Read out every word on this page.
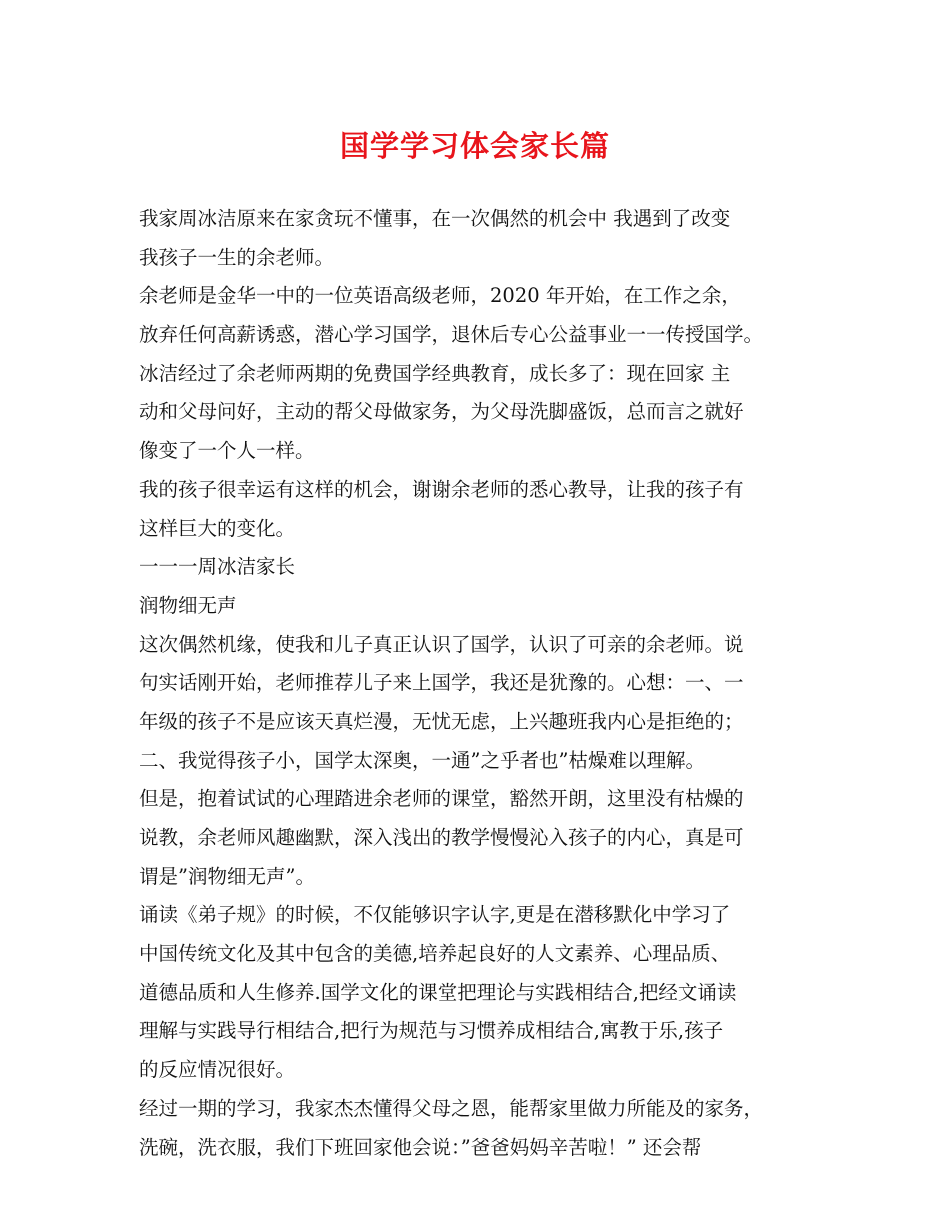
国学学习体会家长篇
我家周冰洁原来在家贪玩不懂事，在一次偶然的机会中 我遇到了改变
我孩子一生的余老师。
余老师是金华一中的一位英语高级老师，2020 年开始，在工作之余，
放弃任何高薪诱惑，潜心学习国学，退休后专心公益事业一一传授国学。
冰洁经过了余老师两期的免费国学经典教育，成长多了：现在回家 主
动和父母问好，主动的帮父母做家务，为父母洗脚盛饭，总而言之就好
像变了一个人一样。
我的孩子很幸运有这样的机会，谢谢余老师的悉心教导，让我的孩子有
这样巨大的变化。
一一一周冰洁家长
润物细无声
这次偶然机缘，使我和儿子真正认识了国学，认识了可亲的余老师。说
句实话刚开始，老师推荐儿子来上国学，我还是犹豫的。心想：一、一
年级的孩子不是应该天真烂漫，无忧无虑，上兴趣班我内心是拒绝的；
二、我觉得孩子小，国学太深奥，一通”之乎者也”枯燥难以理解。
但是，抱着试试的心理踏进余老师的课堂，豁然开朗，这里没有枯燥的
说教，余老师风趣幽默，深入浅出的教学慢慢沁入孩子的内心，真是可
谓是”润物细无声”。
诵读《弟子规》的时候，不仅能够识字认字,更是在潜移默化中学习了
中国传统文化及其中包含的美德,培养起良好的人文素养、心理品质、
道德品质和人生修养.国学文化的课堂把理论与实践相结合,把经文诵读
理解与实践导行相结合,把行为规范与习惯养成相结合,寓教于乐,孩子
的反应情况很好。
经过一期的学习，我家杰杰懂得父母之恩，能帮家里做力所能及的家务，
洗碗，洗衣服，我们下班回家他会说：”爸爸妈妈辛苦啦！” 还会帮
